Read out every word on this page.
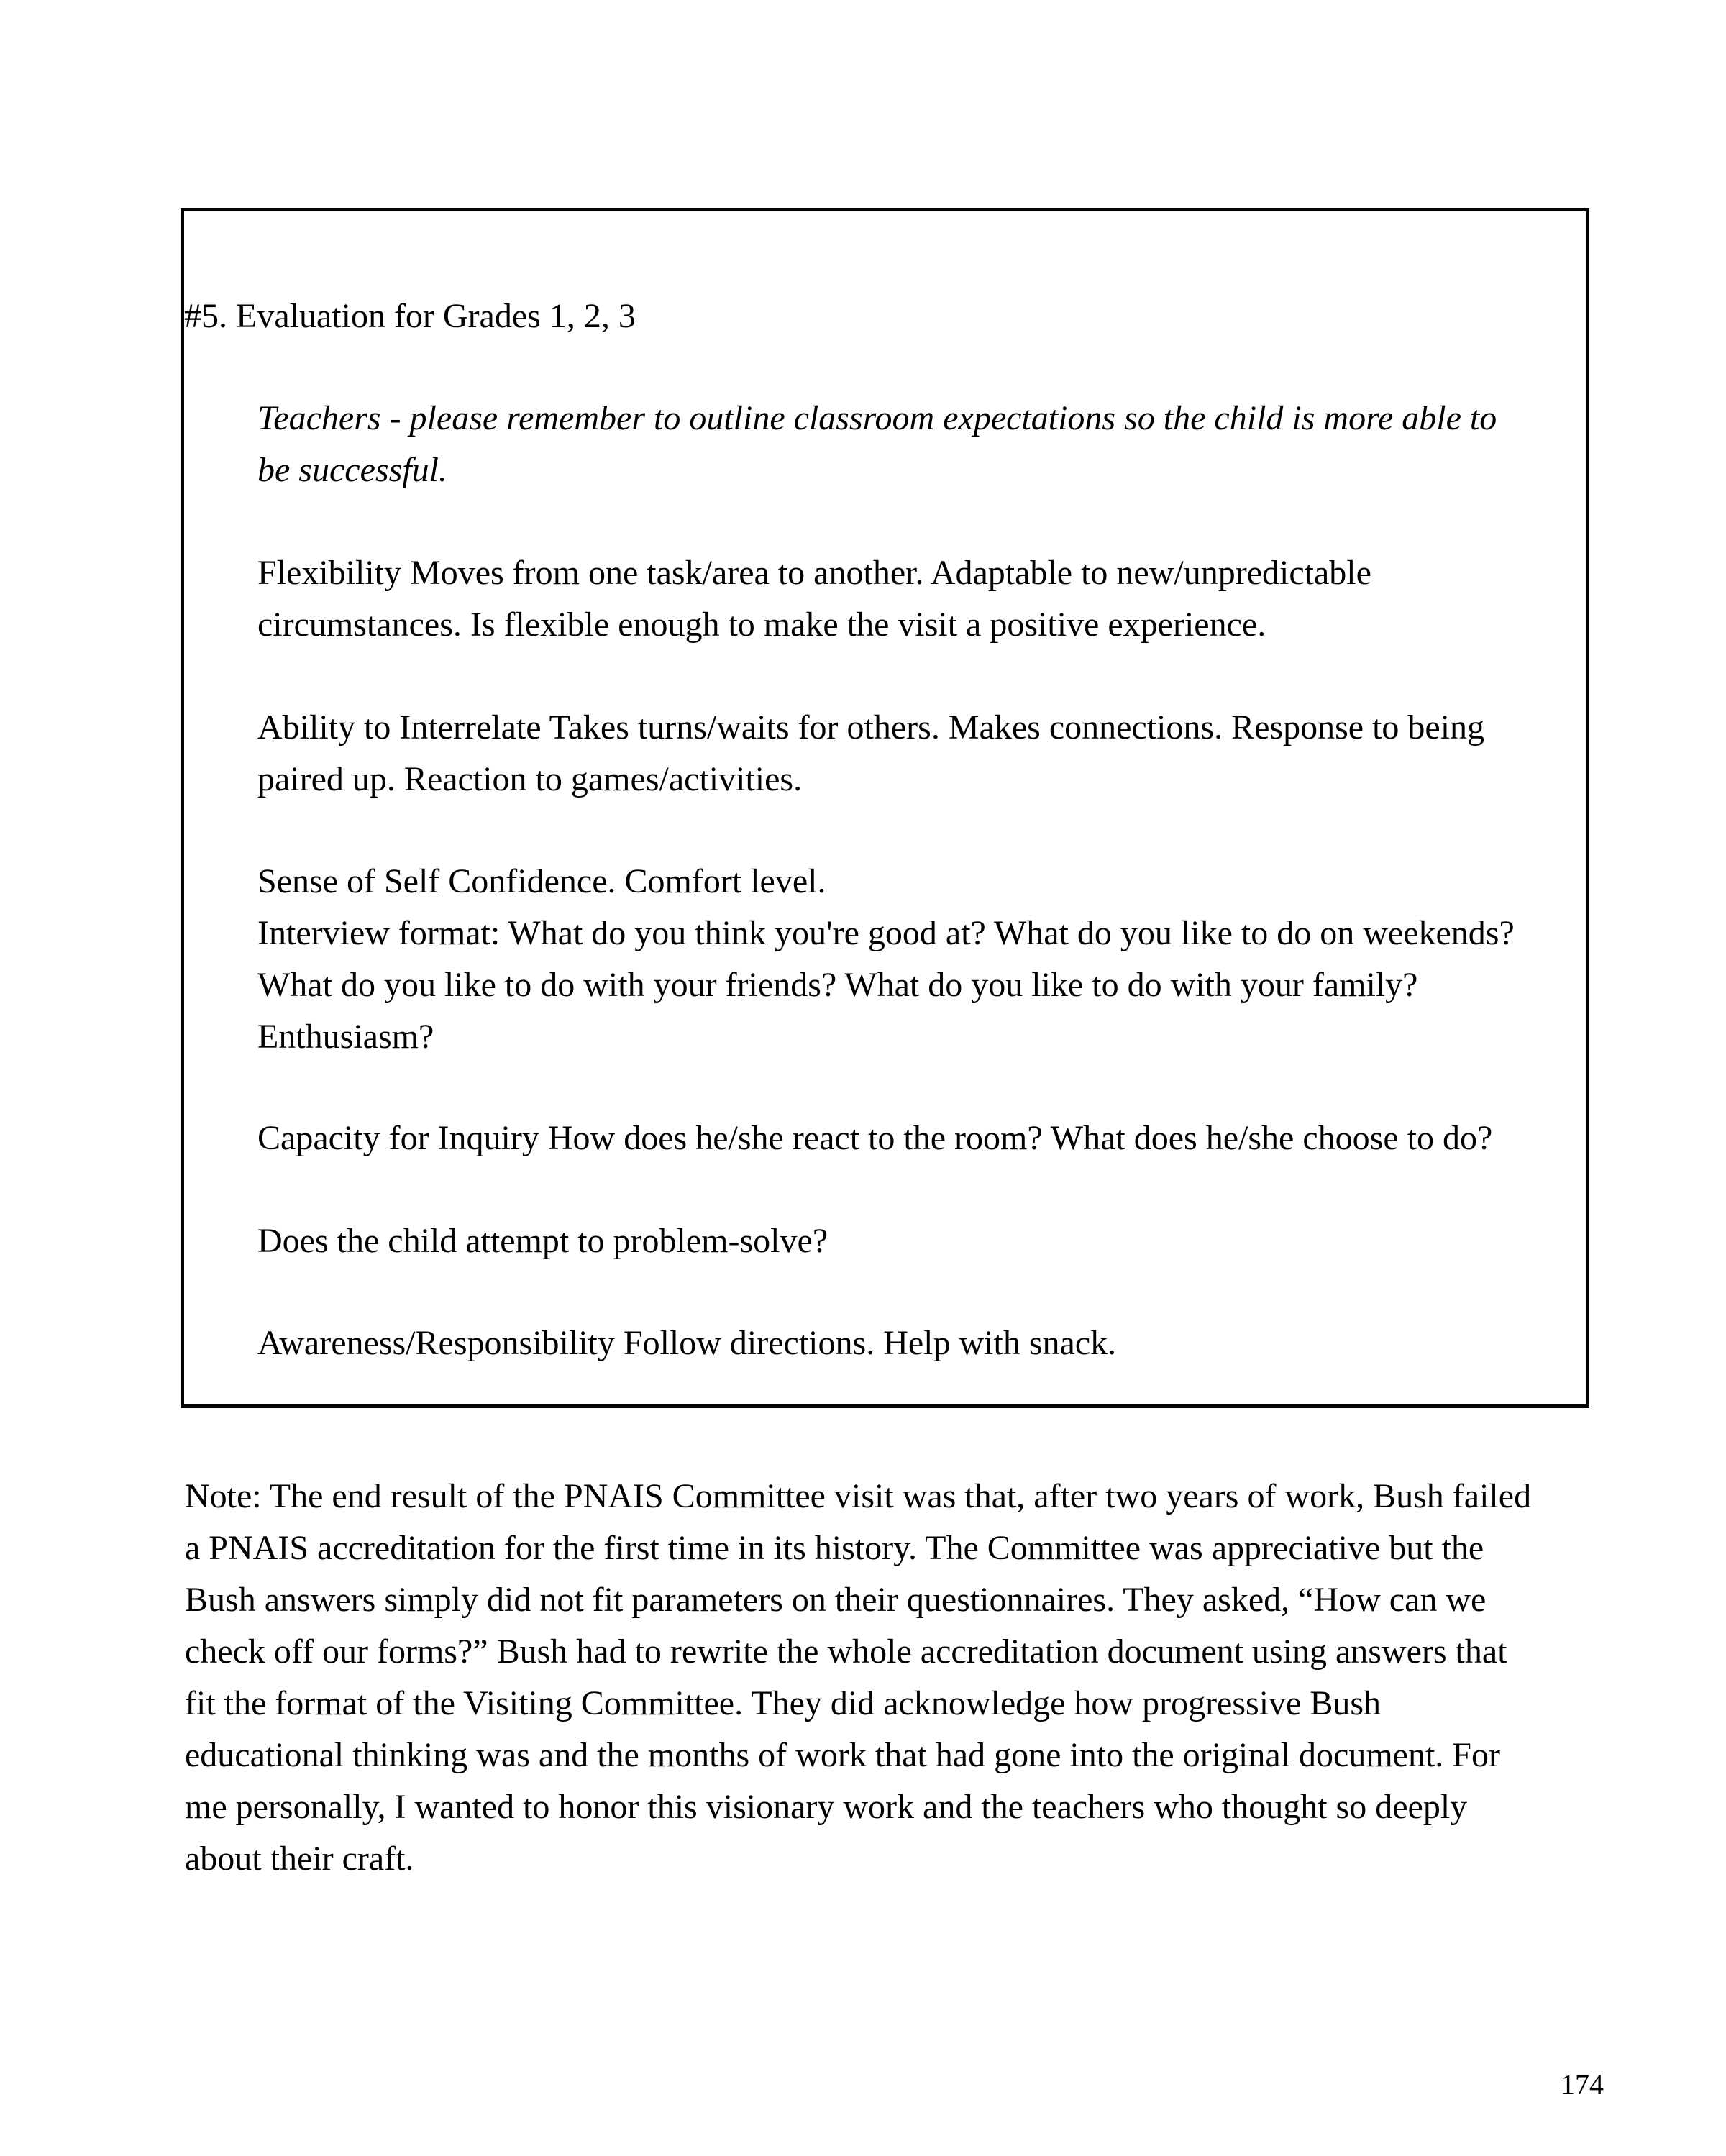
#5. Evaluation for Grades 1, 2, 3
Teachers - please remember to outline classroom expectations so the child is more able to
be successful.
Flexibility Moves from one task/area to another. Adaptable to new/unpredictable
circumstances. Is flexible enough to make the visit a positive experience.
Ability to Interrelate Takes turns/waits for others. Makes connections. Response to being
paired up. Reaction to games/activities.
Sense of Self Confidence. Comfort level.
Interview format: What do you think you're good at? What do you like to do on weekends?
What do you like to do with your friends? What do you like to do with your family?
Enthusiasm?
Capacity for Inquiry How does he/she react to the room? What does he/she choose to do?
Does the child attempt to problem-solve?
Awareness/Responsibility Follow directions. Help with snack.
Note: The end result of the PNAIS Committee visit was that, after two years of work, Bush failed
a PNAIS accreditation for the first time in its history. The Committee was appreciative but the
Bush answers simply did not fit parameters on their questionnaires. They asked, “How can we
check off our forms?” Bush had to rewrite the whole accreditation document using answers that
fit the format of the Visiting Committee. They did acknowledge how progressive Bush
educational thinking was and the months of work that had gone into the original document. For
me personally, I wanted to honor this visionary work and the teachers who thought so deeply
about their craft.
174
